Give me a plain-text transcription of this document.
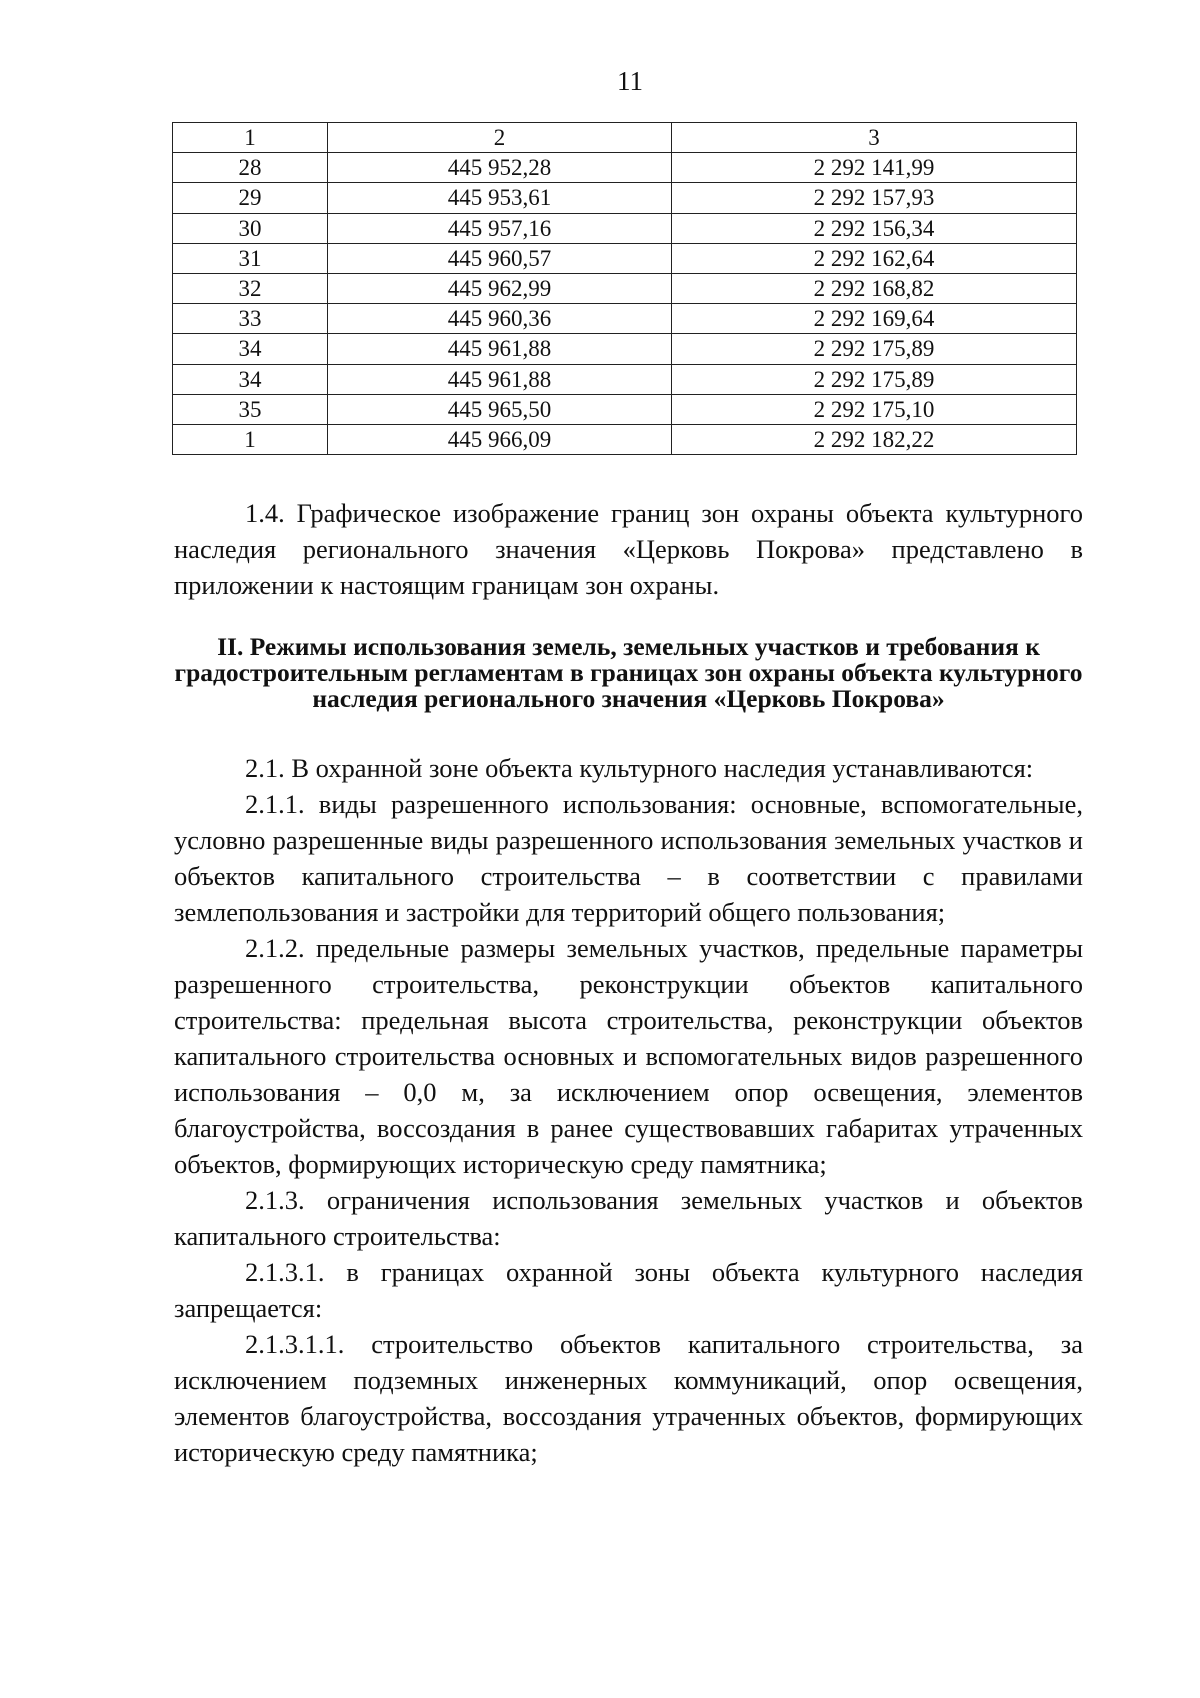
11
1	2	3
28	445 952,28	2 292 141,99
29	445 953,61	2 292 157,93
30	445 957,16	2 292 156,34
31	445 960,57	2 292 162,64
32	445 962,99	2 292 168,82
33	445 960,36	2 292 169,64
34	445 961,88	2 292 175,89
34	445 961,88	2 292 175,89
35	445 965,50	2 292 175,10
1	445 966,09	2 292 182,22

1.4. Графическое изображение границ зон охраны объекта культурного наследия регионального значения «Церковь Покрова» представлено в приложении к настоящим границам зон охраны.

II. Режимы использования земель, земельных участков и требования к градостроительным регламентам в границах зон охраны объекта культурного наследия регионального значения «Церковь Покрова»

2.1. В охранной зоне объекта культурного наследия устанавливаются:

2.1.1. виды разрешенного использования: основные, вспомогательные, условно разрешенные виды разрешенного использования земельных участков и объектов капитального строительства – в соответствии с правилами землепользования и застройки для территорий общего пользования;

2.1.2. предельные размеры земельных участков, предельные параметры разрешенного строительства, реконструкции объектов капитального строительства: предельная высота строительства, реконструкции объектов капитального строительства основных и вспомогательных видов разрешенного использования – 0,0 м, за исключением опор освещения, элементов благоустройства, воссоздания в ранее существовавших габаритах утраченных объектов, формирующих историческую среду памятника;

2.1.3. ограничения использования земельных участков и объектов капитального строительства:

2.1.3.1. в границах охранной зоны объекта культурного наследия запрещается:

2.1.3.1.1. строительство объектов капитального строительства, за исключением подземных инженерных коммуникаций, опор освещения, элементов благоустройства, воссоздания утраченных объектов, формирующих историческую среду памятника;
